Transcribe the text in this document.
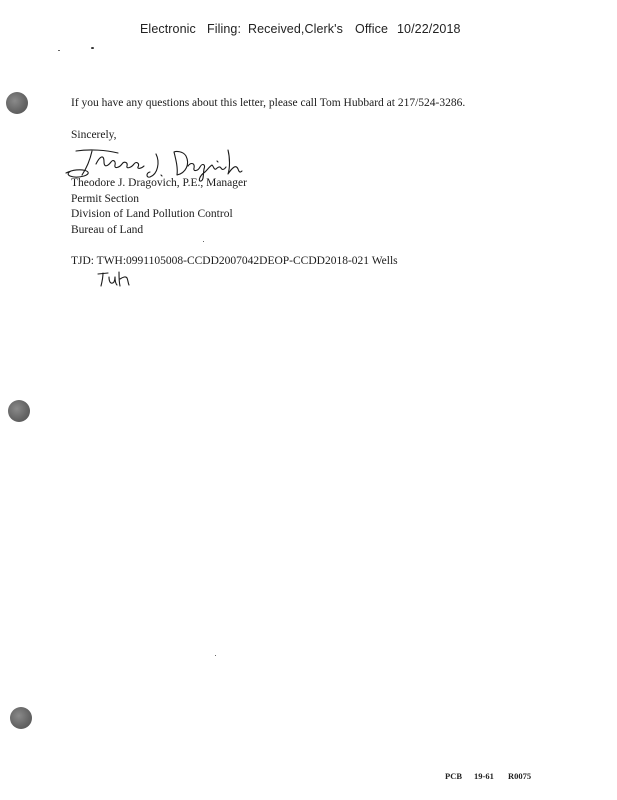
Electronic Filing: Received,Clerk's Office 10/22/2018
If you have any questions about this letter, please call Tom Hubbard at 217/524-3286.
Sincerely,
Theodore J. Dragovich, P.E., Manager
Permit Section
Division of Land Pollution Control
Bureau of Land
TJD: TWH:0991105008-CCDD2007042DEOP-CCDD2018-021 Wells
PCB 19-61 R0075
